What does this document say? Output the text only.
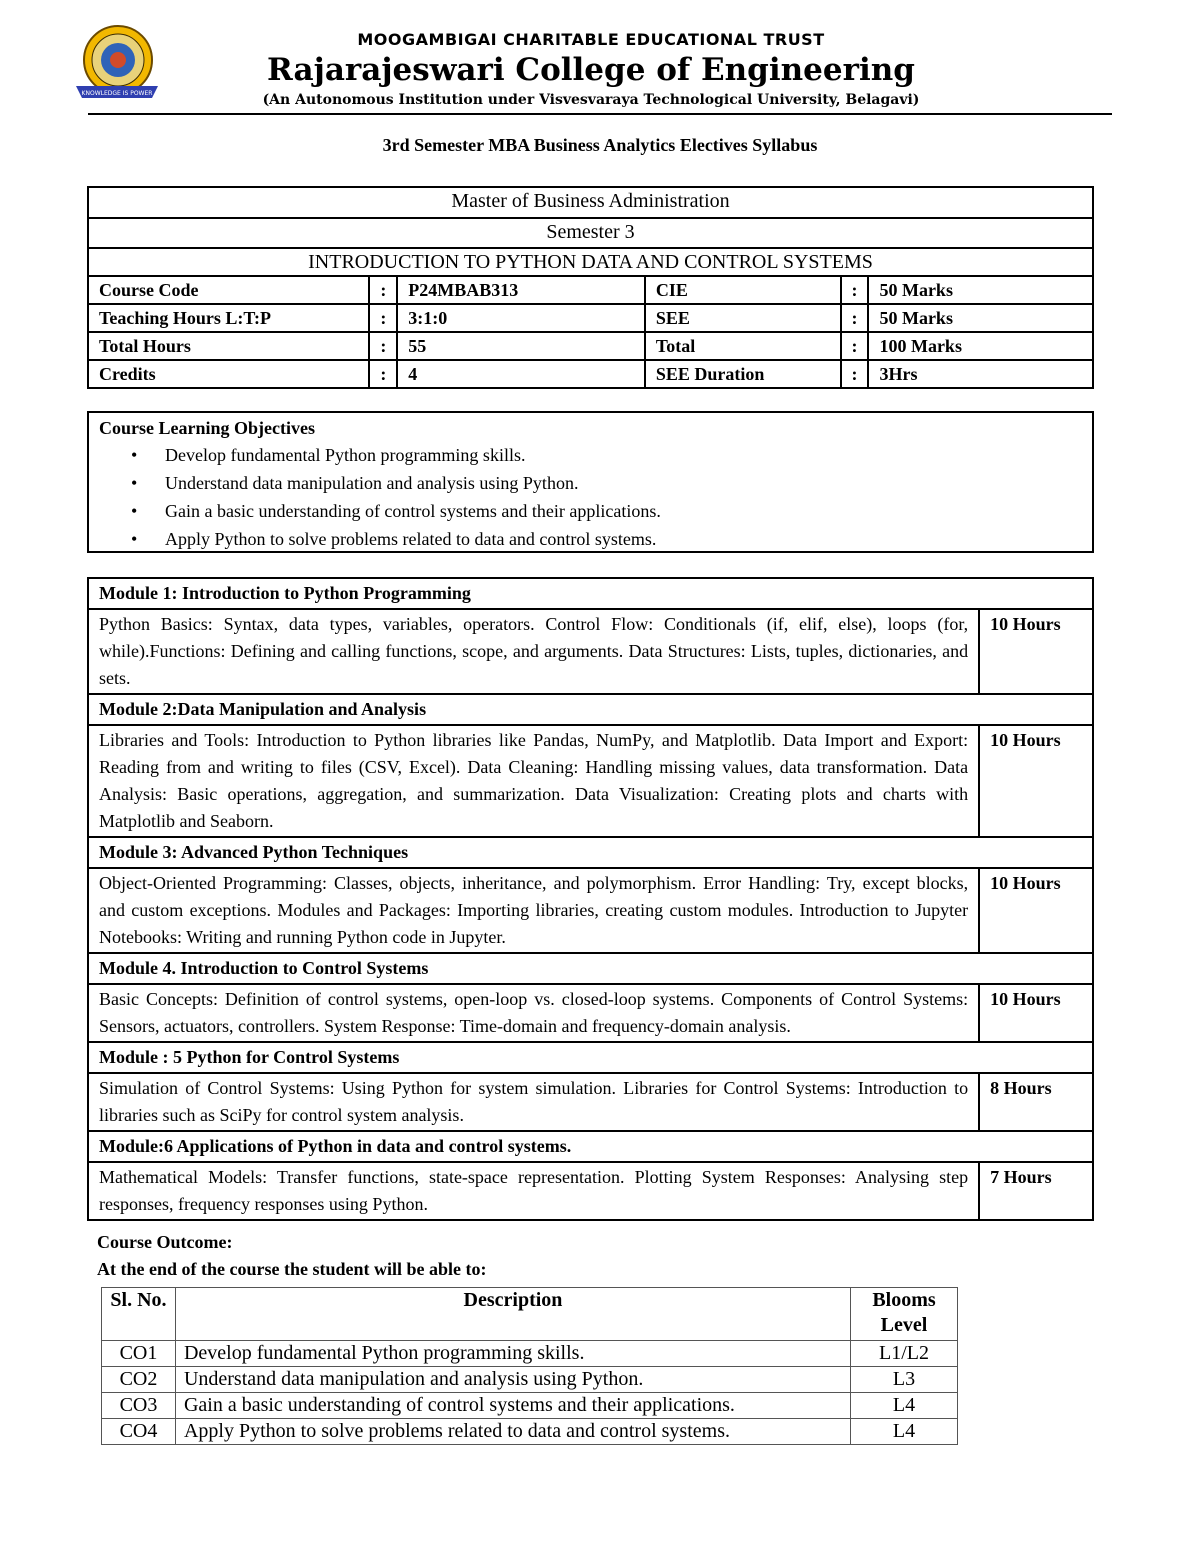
KNOWLEDGE IS POWER
MOOGAMBIGAI CHARITABLE EDUCATIONAL TRUST
Rajarajeswari College of Engineering
(An Autonomous Institution under Visvesvaraya Technological University, Belagavi)
3rd Semester MBA Business Analytics Electives Syllabus
Master of Business Administration					
Semester 3					
INTRODUCTION TO PYTHON DATA AND CONTROL SYSTEMS					
Course Code	:	P24MBAB313	CIE	:	50 Marks
Teaching Hours L:T:P	:	3:1:0	SEE	:	50 Marks
Total Hours	:	55	Total	:	100 Marks
Credits	:	4	SEE Duration	:	3Hrs
Course Learning Objectives
• Develop fundamental Python programming skills.
• Understand data manipulation and analysis using Python.
• Gain a basic understanding of control systems and their applications.
• Apply Python to solve problems related to data and control systems.
Module 1: Introduction to Python Programming	
Python Basics: Syntax, data types, variables, operators. Control Flow: Conditionals (if, elif, else), loops (for, while).Functions: Defining and calling functions, scope, and arguments. Data Structures: Lists, tuples, dictionaries, and sets.	10 Hours
Module 2:Data Manipulation and Analysis	
Libraries and Tools: Introduction to Python libraries like Pandas, NumPy, and Matplotlib. Data Import and Export: Reading from and writing to files (CSV, Excel). Data Cleaning: Handling missing values, data transformation. Data Analysis: Basic operations, aggregation, and summarization. Data Visualization: Creating plots and charts with Matplotlib and Seaborn.	10 Hours
Module 3: Advanced Python Techniques	
Object-Oriented Programming: Classes, objects, inheritance, and polymorphism. Error Handling: Try, except blocks, and custom exceptions. Modules and Packages: Importing libraries, creating custom modules. Introduction to Jupyter Notebooks: Writing and running Python code in Jupyter.	10 Hours
Module 4. Introduction to Control Systems	
Basic Concepts: Definition of control systems, open-loop vs. closed-loop systems. Components of Control Systems: Sensors, actuators, controllers. System Response: Time-domain and frequency-domain analysis.	10 Hours
Module : 5 Python for Control Systems	
Simulation of Control Systems: Using Python for system simulation. Libraries for Control Systems: Introduction to libraries such as SciPy for control system analysis.	8 Hours
Module:6 Applications of Python in data and control systems.	
Mathematical Models: Transfer functions, state-space representation. Plotting System Responses: Analysing step responses, frequency responses using Python.	7 Hours
Course Outcome:
At the end of the course the student will be able to:
Sl. No.	Description	Blooms Level
CO1	Develop fundamental Python programming skills.	L1/L2
CO2	Understand data manipulation and analysis using Python.	L3
CO3	Gain a basic understanding of control systems and their applications.	L4
CO4	Apply Python to solve problems related to data and control systems.	L4
